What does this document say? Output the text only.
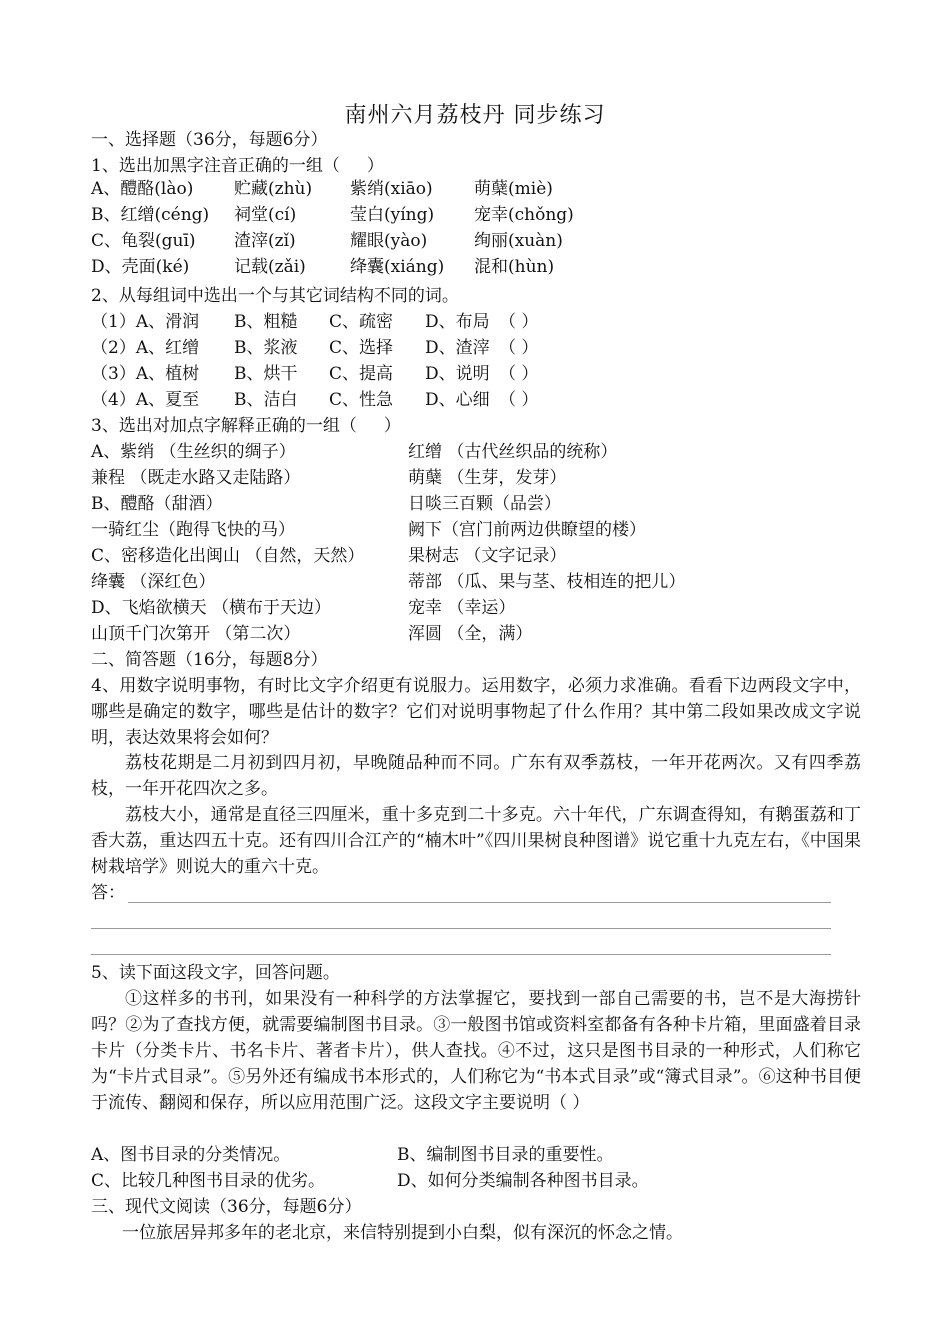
南州六月荔枝丹 同步练习
一、选择题（36分，每题6分）
1、选出加黑字注音正确的一组（     ）
A、醴酪(lào) 贮藏(zhù) 紫绡(xiāo) 萌蘖(miè)
B、红缯(céng) 祠堂(cí)	莹白(yíng) 宠幸(chǒng)
C、龟裂(guī) 渣滓(zǐ)	耀眼(yào)	绚丽(xuàn)
D、壳面(ké)	记载(zǎi)	绛囊(xiáng) 混和(hùn)
2、从每组词中选出一个与其它词结构不同的词。
（1）A、滑润 B、粗糙 C、疏密 D、布局 （ ）
（2）A、红缯 B、浆液 C、选择 D、渣滓 （ ）
（3）A、植树 B、烘干 C、提高 D、说明 （ ）
（4）A、夏至 B、洁白 C、性急 D、心细 （ ）
3、选出对加点字解释正确的一组（     ）
A、紫绡 （生丝织的绸子）	红缯 （古代丝织品的统称）
兼程 （既走水路又走陆路）	萌蘖 （生芽，发芽）
B、醴酪（甜酒）	日啖三百颗（品尝）
一骑红尘（跑得飞快的马）	阙下（宫门前两边供瞭望的楼）
C、密移造化出闽山 （自然，天然）	果树志 （文字记录）
绛囊 （深红色）	蒂部 （瓜、果与茎、枝相连的把儿）
D、飞焰欲横天 （横布于天边）	宠幸 （幸运）
山顶千门次第开 （第二次）	浑圆 （全，满）
二、简答题（16分，每题8分）
4、用数字说明事物，有时比文字介绍更有说服力。运用数字，必须力求准确。看看下边两段文字中，哪些是确定的数字，哪些是估计的数字？它们对说明事物起了什么作用？其中第二段如果改成文字说明，表达效果将会如何？
荔枝花期是二月初到四月初，早晚随品种而不同。广东有双季荔枝，一年开花两次。又有四季荔枝，一年开花四次之多。
荔枝大小，通常是直径三四厘米，重十多克到二十多克。六十年代，广东调查得知，有鹅蛋荔和丁香大荔，重达四五十克。还有四川合江产的“楠木叶”《四川果树良种图谱》说它重十九克左右，《中国果树栽培学》则说大的重六十克。
答：
5、读下面这段文字，回答问题。
①这样多的书刊，如果没有一种科学的方法掌握它，要找到一部自己需要的书，岂不是大海捞针吗？②为了查找方便，就需要编制图书目录。③一般图书馆或资料室都备有各种卡片箱，里面盛着目录卡片（分类卡片、书名卡片、著者卡片），供人查找。④不过，这只是图书目录的一种形式，人们称它为“卡片式目录”。⑤另外还有编成书本形式的，人们称它为“书本式目录”或“簿式目录”。⑥这种书目便于流传、翻阅和保存，所以应用范围广泛。这段文字主要说明（ ）
A、图书目录的分类情况。	B、编制图书目录的重要性。
C、比较几种图书目录的优劣。	D、如何分类编制各种图书目录。
三、现代文阅读（36分，每题6分）
一位旅居异邦多年的老北京，来信特别提到小白梨，似有深沉的怀念之情。
